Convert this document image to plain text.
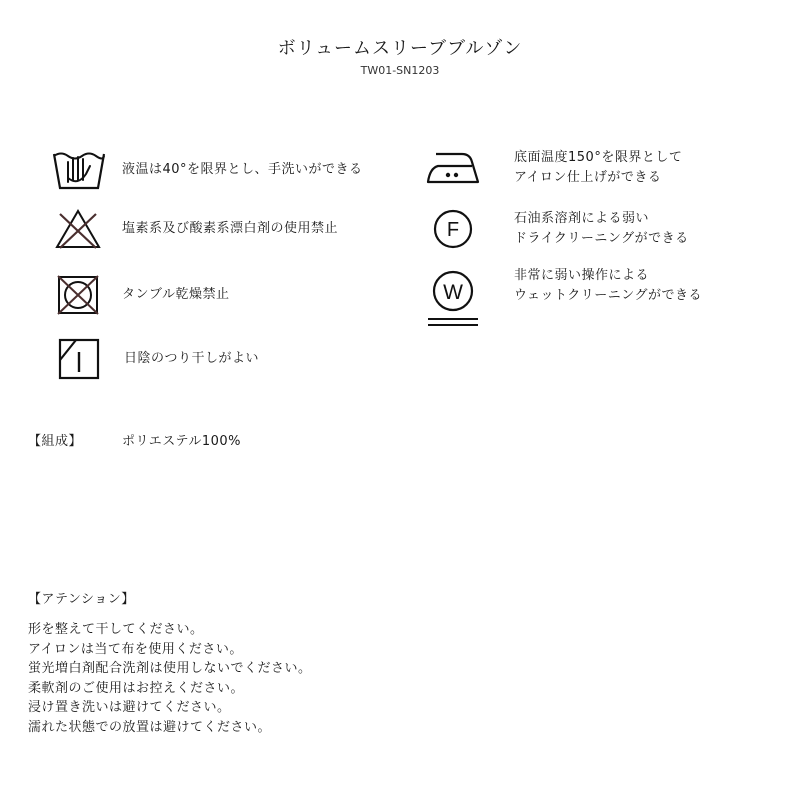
ボリュームスリーブブルゾン
TW01-SN1203
液温は40°を限界とし、手洗いができる
塩素系及び酸素系漂白剤の使用禁止
タンブル乾燥禁止
日陰のつり干しがよい
底面温度150°を限界として
アイロン仕上げができる
F
石油系溶剤による弱い
ドライクリーニングができる
W
非常に弱い操作による
ウェットクリーニングができる
【組成】	ポリエステル100%
【アテンション】
形を整えて干してください。
アイロンは当て布を使用ください。
蛍光増白剤配合洗剤は使用しないでください。
柔軟剤のご使用はお控えください。
浸け置き洗いは避けてください。
濡れた状態での放置は避けてください。
